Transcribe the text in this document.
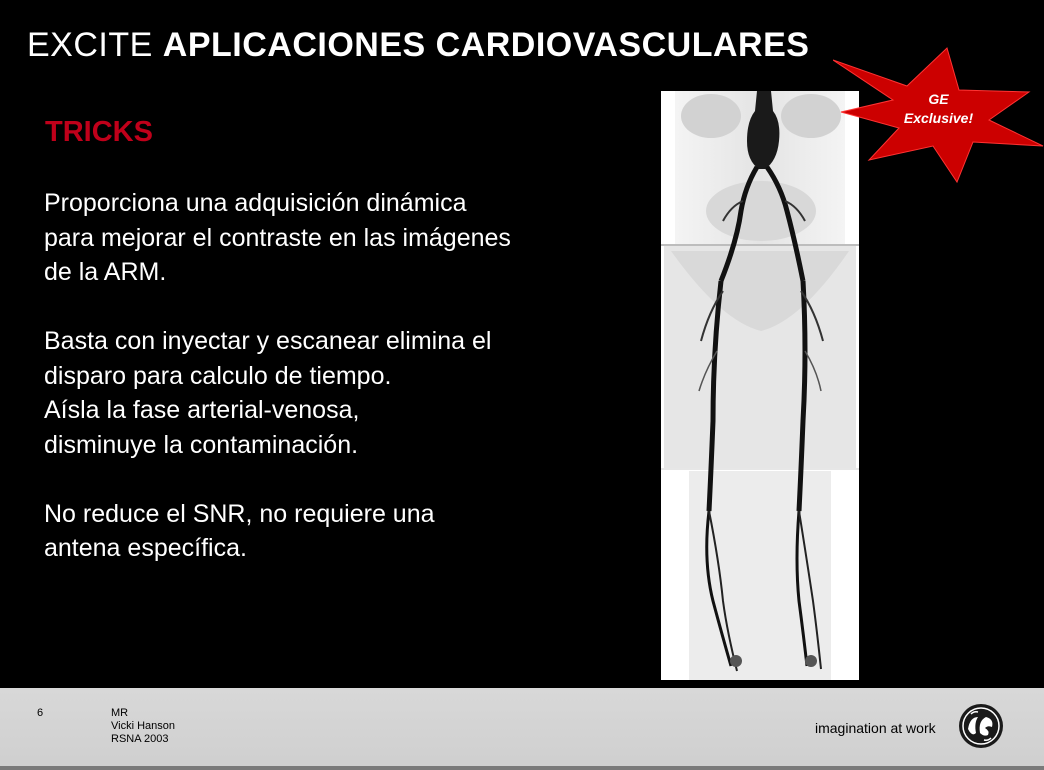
EXCITE APLICACIONES CARDIOVASCULARES
TRICKS

Proporciona una adquisición dinámica para mejorar el contraste en las imágenes de la ARM.

Basta con inyectar y escanear elimina el disparo para calculo de tiempo.

Aísla la fase arterial-venosa, disminuye la contaminación.

No reduce el SNR, no requiere una antena específica.

GE
Exclusive!
6	MR
Vicki Hanson
RSNA 2003
imagination at work
